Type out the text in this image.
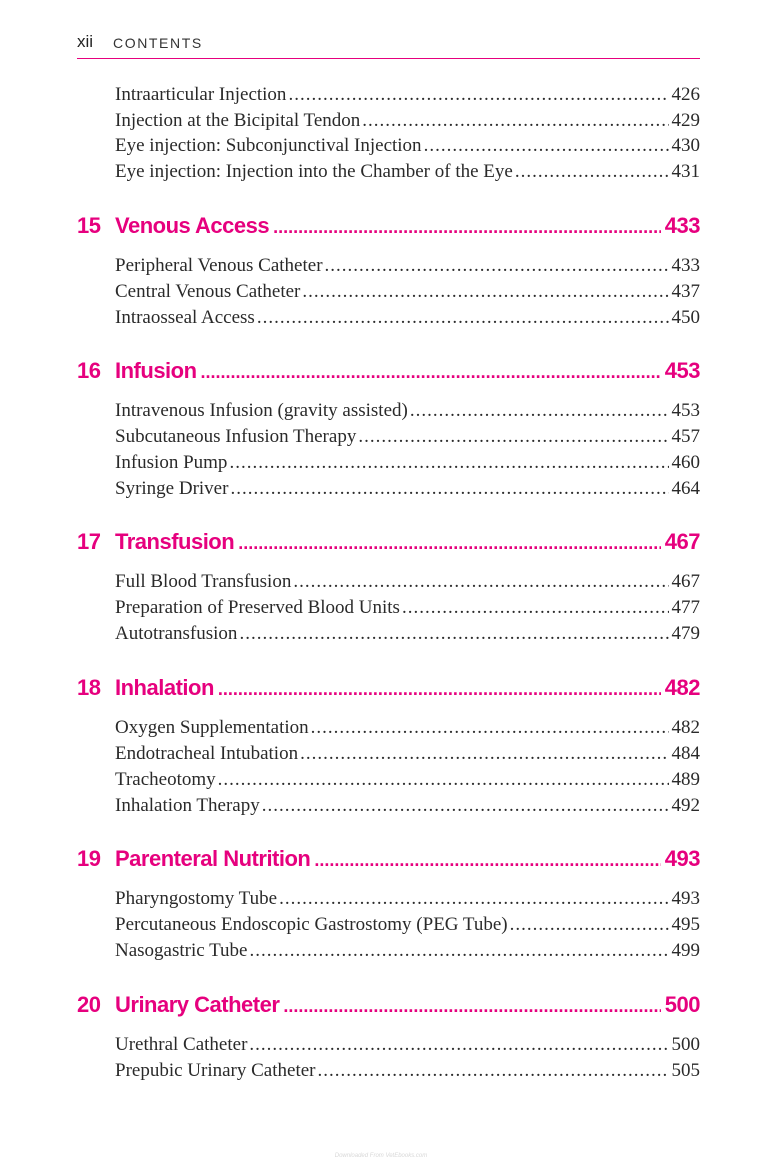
xii CONTENTS
Intraarticular Injection .....	426
Injection at the Bicipital Tendon .....	429
Eye injection: Subconjunctival Injection .....	430
Eye injection: Injection into the Chamber of the Eye .....	431
15 Venous Access .....	433
Peripheral Venous Catheter .....	433
Central Venous Catheter .....	437
Intraosseal Access .....	450
16 Infusion .....	453
Intravenous Infusion (gravity assisted) .....	453
Subcutaneous Infusion Therapy .....	457
Infusion Pump .....	460
Syringe Driver .....	464
17 Transfusion .....	467
Full Blood Transfusion .....	467
Preparation of Preserved Blood Units .....	477
Autotransfusion .....	479
18 Inhalation .....	482
Oxygen Supplementation .....	482
Endotracheal Intubation .....	484
Tracheotomy .....	489
Inhalation Therapy .....	492
19 Parenteral Nutrition .....	493
Pharyngostomy Tube .....	493
Percutaneous Endoscopic Gastrostomy (PEG Tube) .....	495
Nasogastric Tube .....	499
20 Urinary Catheter .....	500
Urethral Catheter .....	500
Prepubic Urinary Catheter .....	505
Downloaded From VetEbooks.com
